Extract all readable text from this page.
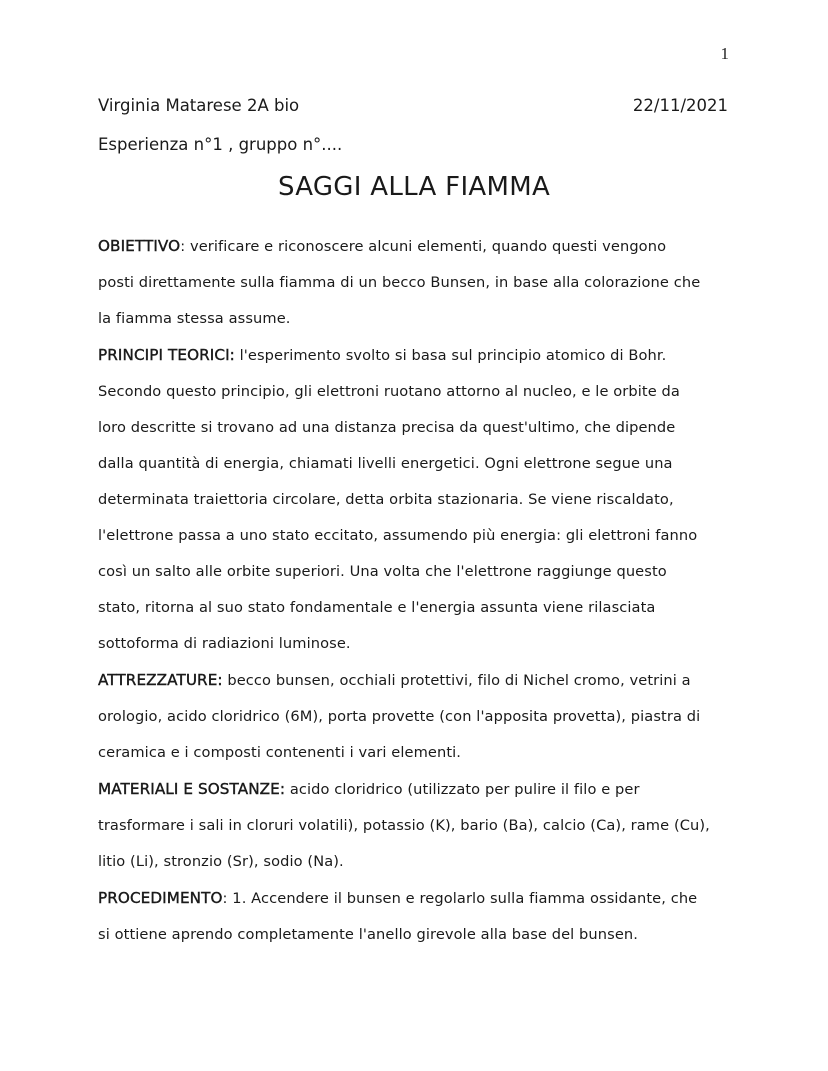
1
Virginia Matarese 2A bio	22/11/2021
Esperienza n°1 , gruppo n°....
SAGGI ALLA FIAMMA

OBIETTIVO: verificare e riconoscere alcuni elementi, quando questi vengono
posti direttamente sulla fiamma di un becco Bunsen, in base alla colorazione che
la fiamma stessa assume.

PRINCIPI TEORICI: l'esperimento svolto si basa sul principio atomico di Bohr.
Secondo questo principio, gli elettroni ruotano attorno al nucleo, e le orbite da
loro descritte si trovano ad una distanza precisa da quest'ultimo, che dipende
dalla quantità di energia, chiamati livelli energetici. Ogni elettrone segue una
determinata traiettoria circolare, detta orbita stazionaria. Se viene riscaldato,
l'elettrone passa a uno stato eccitato, assumendo più energia: gli elettroni fanno
così un salto alle orbite superiori. Una volta che l'elettrone raggiunge questo
stato, ritorna al suo stato fondamentale e l'energia assunta viene rilasciata
sottoforma di radiazioni luminose.

ATTREZZATURE: becco bunsen, occhiali protettivi, filo di Nichel cromo, vetrini a
orologio, acido cloridrico (6M), porta provette (con l'apposita provetta), piastra di
ceramica e i composti contenenti i vari elementi.

MATERIALI E SOSTANZE: acido cloridrico (utilizzato per pulire il filo e per
trasformare i sali in cloruri volatili), potassio (K), bario (Ba), calcio (Ca), rame (Cu),
litio (Li), stronzio (Sr), sodio (Na).

PROCEDIMENTO: 1. Accendere il bunsen e regolarlo sulla fiamma ossidante, che
si ottiene aprendo completamente l'anello girevole alla base del bunsen.
